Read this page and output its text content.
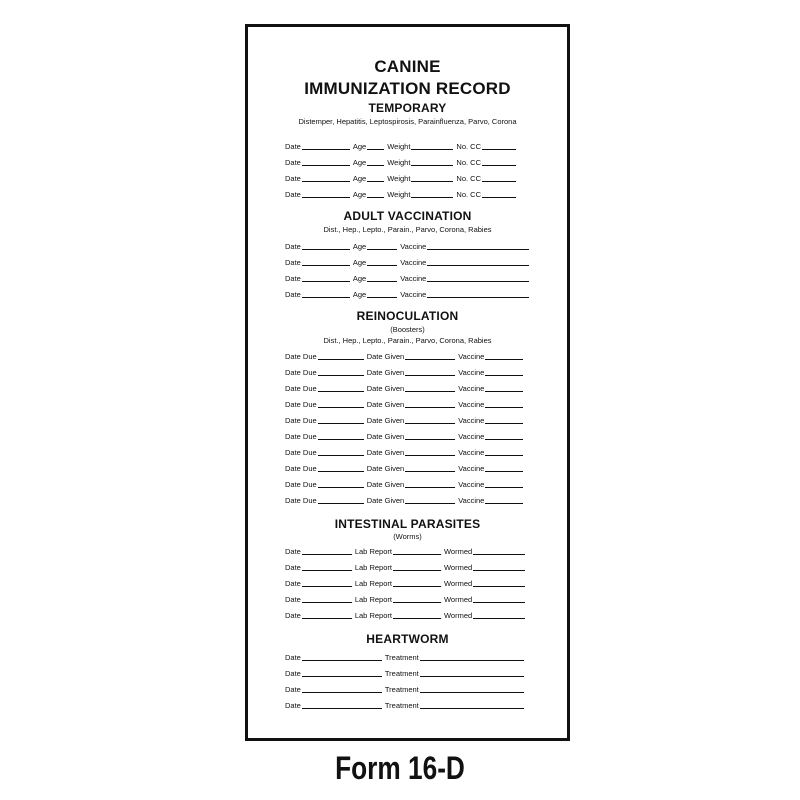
CANINE
IMMUNIZATION RECORD
TEMPORARY
Distemper, Hepatitis, Leptospirosis, Parainfluenza, Parvo, Corona
Date	Age	Weight	No. CC
Date	Age	Weight	No. CC
Date	Age	Weight	No. CC
Date	Age	Weight	No. CC
ADULT VACCINATION
Dist., Hep., Lepto., Parain., Parvo, Corona, Rabies
Date	Age	Vaccine
Date	Age	Vaccine
Date	Age	Vaccine
Date	Age	Vaccine
REINOCULATION
(Boosters)
Dist., Hep., Lepto., Parain., Parvo, Corona, Rabies
Date Due	Date Given	Vaccine
Date Due	Date Given	Vaccine
Date Due	Date Given	Vaccine
Date Due	Date Given	Vaccine
Date Due	Date Given	Vaccine
Date Due	Date Given	Vaccine
Date Due	Date Given	Vaccine
Date Due	Date Given	Vaccine
Date Due	Date Given	Vaccine
Date Due	Date Given	Vaccine
INTESTINAL PARASITES
(Worms)
Date	Lab Report	Wormed
Date	Lab Report	Wormed
Date	Lab Report	Wormed
Date	Lab Report	Wormed
Date	Lab Report	Wormed
HEARTWORM
Date	Treatment
Date	Treatment
Date	Treatment
Date	Treatment
Form 16-D
